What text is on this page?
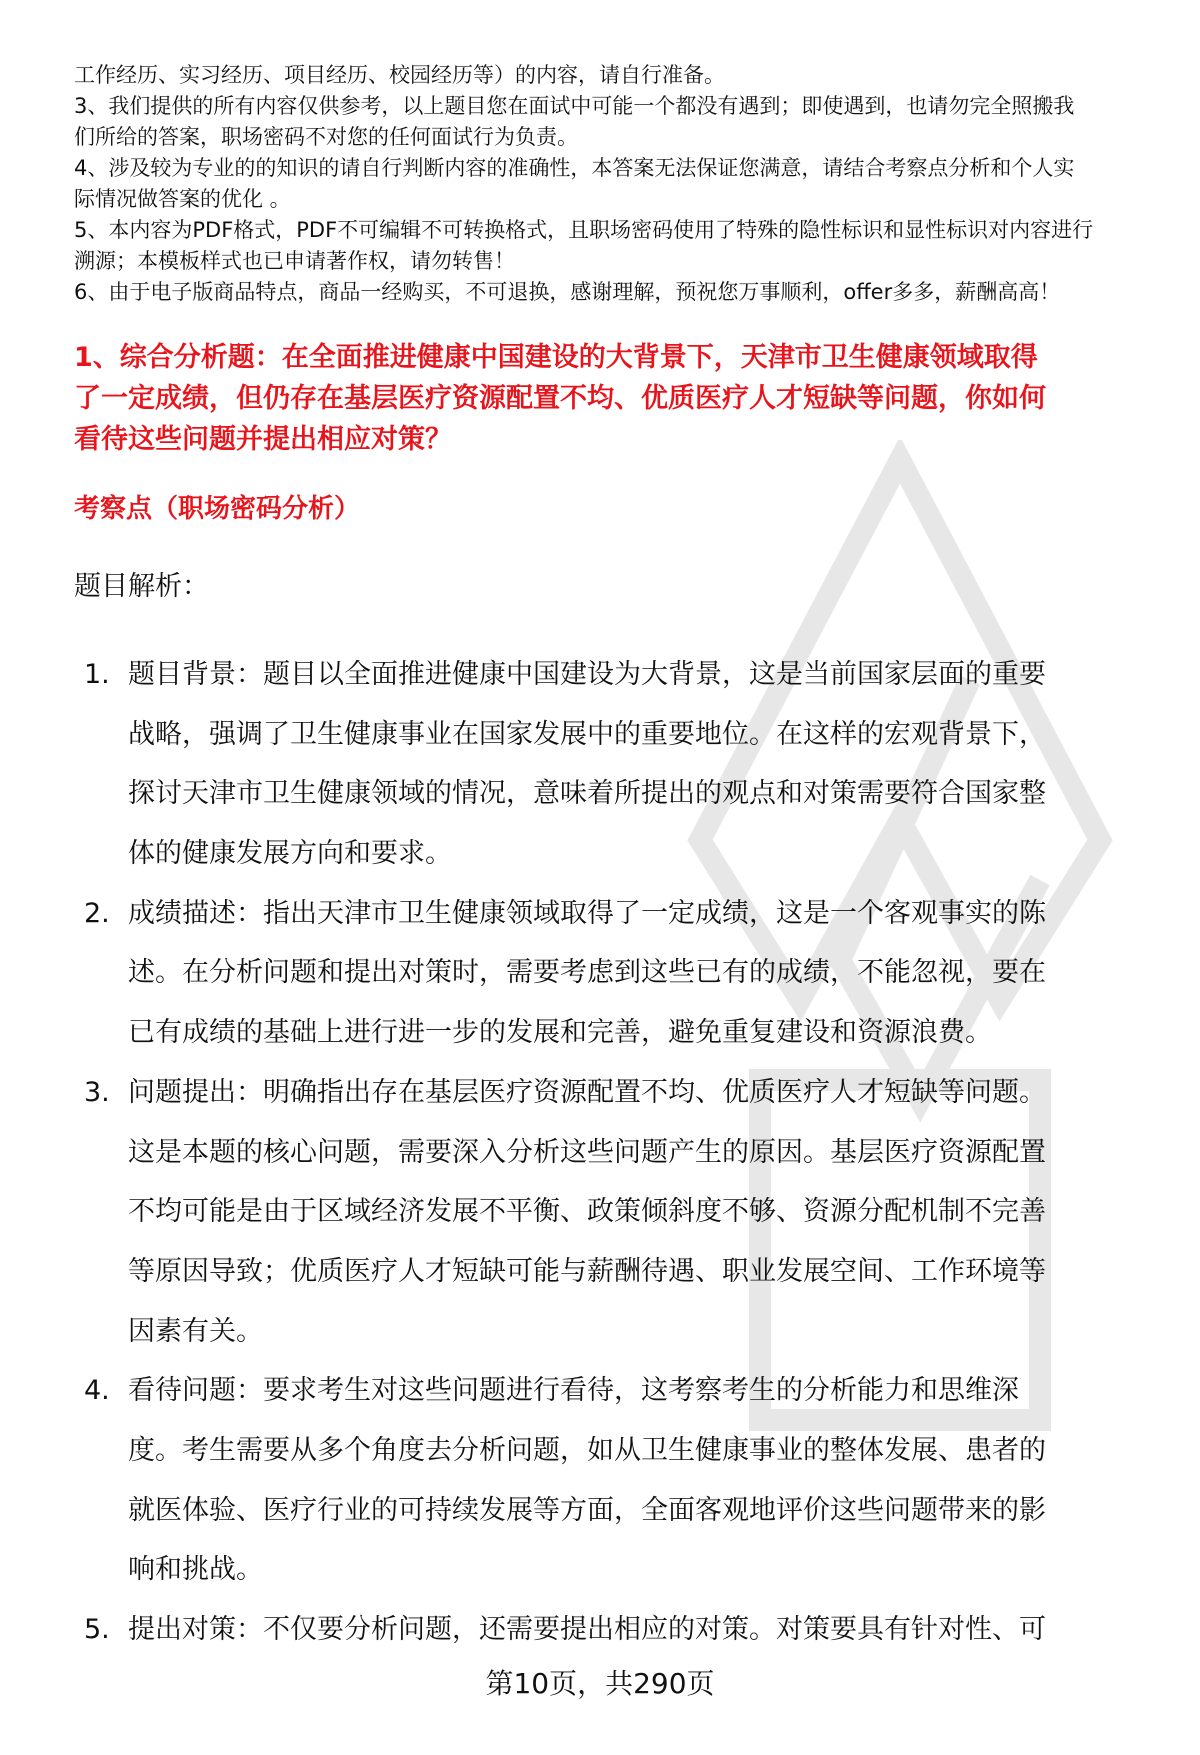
工作经历、实习经历、项目经历、校园经历等）的内容，请自行准备。
3、我们提供的所有内容仅供参考，以上题目您在面试中可能一个都没有遇到；即使遇到，也请勿完全照搬我
们所给的答案，职场密码不对您的任何面试行为负责。
4、涉及较为专业的的知识的请自行判断内容的准确性，本答案无法保证您满意，请结合考察点分析和个人实
际情况做答案的优化 。
5、本内容为PDF格式，PDF不可编辑不可转换格式，且职场密码使用了特殊的隐性标识和显性标识对内容进行
溯源；本模板样式也已申请著作权，请勿转售！
6、由于电子版商品特点，商品一经购买，不可退换，感谢理解，预祝您万事顺利，offer多多，薪酬高高！
1、综合分析题：在全面推进健康中国建设的大背景下，天津市卫生健康领域取得
了一定成绩，但仍存在基层医疗资源配置不均、优质医疗人才短缺等问题，你如何
看待这些问题并提出相应对策？
考察点（职场密码分析）
题目解析：
1. 题目背景：题目以全面推进健康中国建设为大背景，这是当前国家层面的重要
战略，强调了卫生健康事业在国家发展中的重要地位。在这样的宏观背景下，
探讨天津市卫生健康领域的情况，意味着所提出的观点和对策需要符合国家整
体的健康发展方向和要求。
2. 成绩描述：指出天津市卫生健康领域取得了一定成绩，这是一个客观事实的陈
述。在分析问题和提出对策时，需要考虑到这些已有的成绩，不能忽视，要在
已有成绩的基础上进行进一步的发展和完善，避免重复建设和资源浪费。
3. 问题提出：明确指出存在基层医疗资源配置不均、优质医疗人才短缺等问题。
这是本题的核心问题，需要深入分析这些问题产生的原因。基层医疗资源配置
不均可能是由于区域经济发展不平衡、政策倾斜度不够、资源分配机制不完善
等原因导致；优质医疗人才短缺可能与薪酬待遇、职业发展空间、工作环境等
因素有关。
4. 看待问题：要求考生对这些问题进行看待，这考察考生的分析能力和思维深
度。考生需要从多个角度去分析问题，如从卫生健康事业的整体发展、患者的
就医体验、医疗行业的可持续发展等方面，全面客观地评价这些问题带来的影
响和挑战。
5. 提出对策：不仅要分析问题，还需要提出相应的对策。对策要具有针对性、可
第10页，共290页
